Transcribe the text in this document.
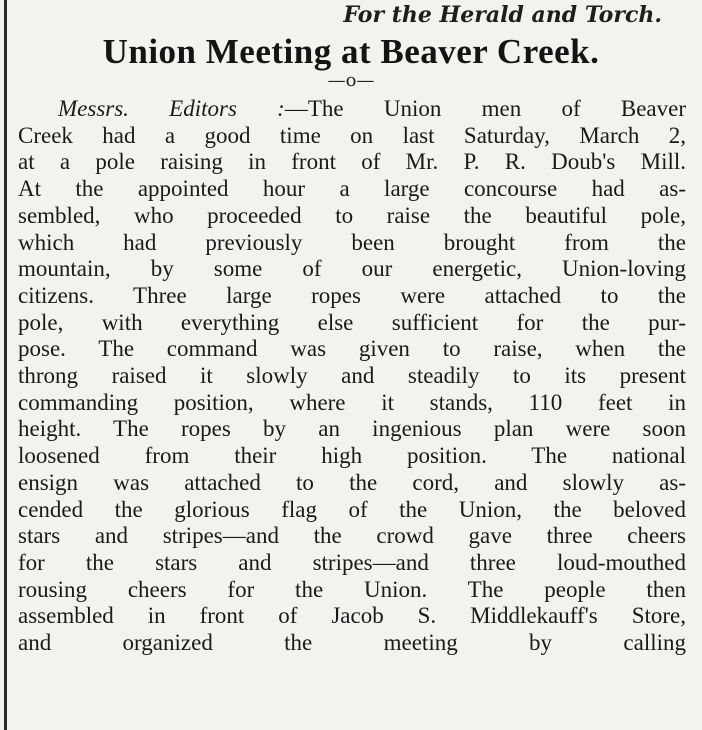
For the Herald and Torch.
Union Meeting at Beaver Creek.
—o—
Messrs. Editors :—The Union men of Beaver
Creek had a good time on last Saturday, March 2,
at a pole raising in front of Mr. P. R. Doub's Mill.
At the appointed hour a large concourse had as-
sembled, who proceeded to raise the beautiful pole,
which had previously been brought from the
mountain, by some of our energetic, Union-loving
citizens. Three large ropes were attached to the
pole, with everything else sufficient for the pur-
pose. The command was given to raise, when the
throng raised it slowly and steadily to its present
commanding position, where it stands, 110 feet in
height. The ropes by an ingenious plan were soon
loosened from their high position. The national
ensign was attached to the cord, and slowly as-
cended the glorious flag of the Union, the beloved
stars and stripes—and the crowd gave three cheers
for the stars and stripes—and three loud-mouthed
rousing cheers for the Union. The people then
assembled in front of Jacob S. Middlekauff's Store,
and organized the meeting by calling
